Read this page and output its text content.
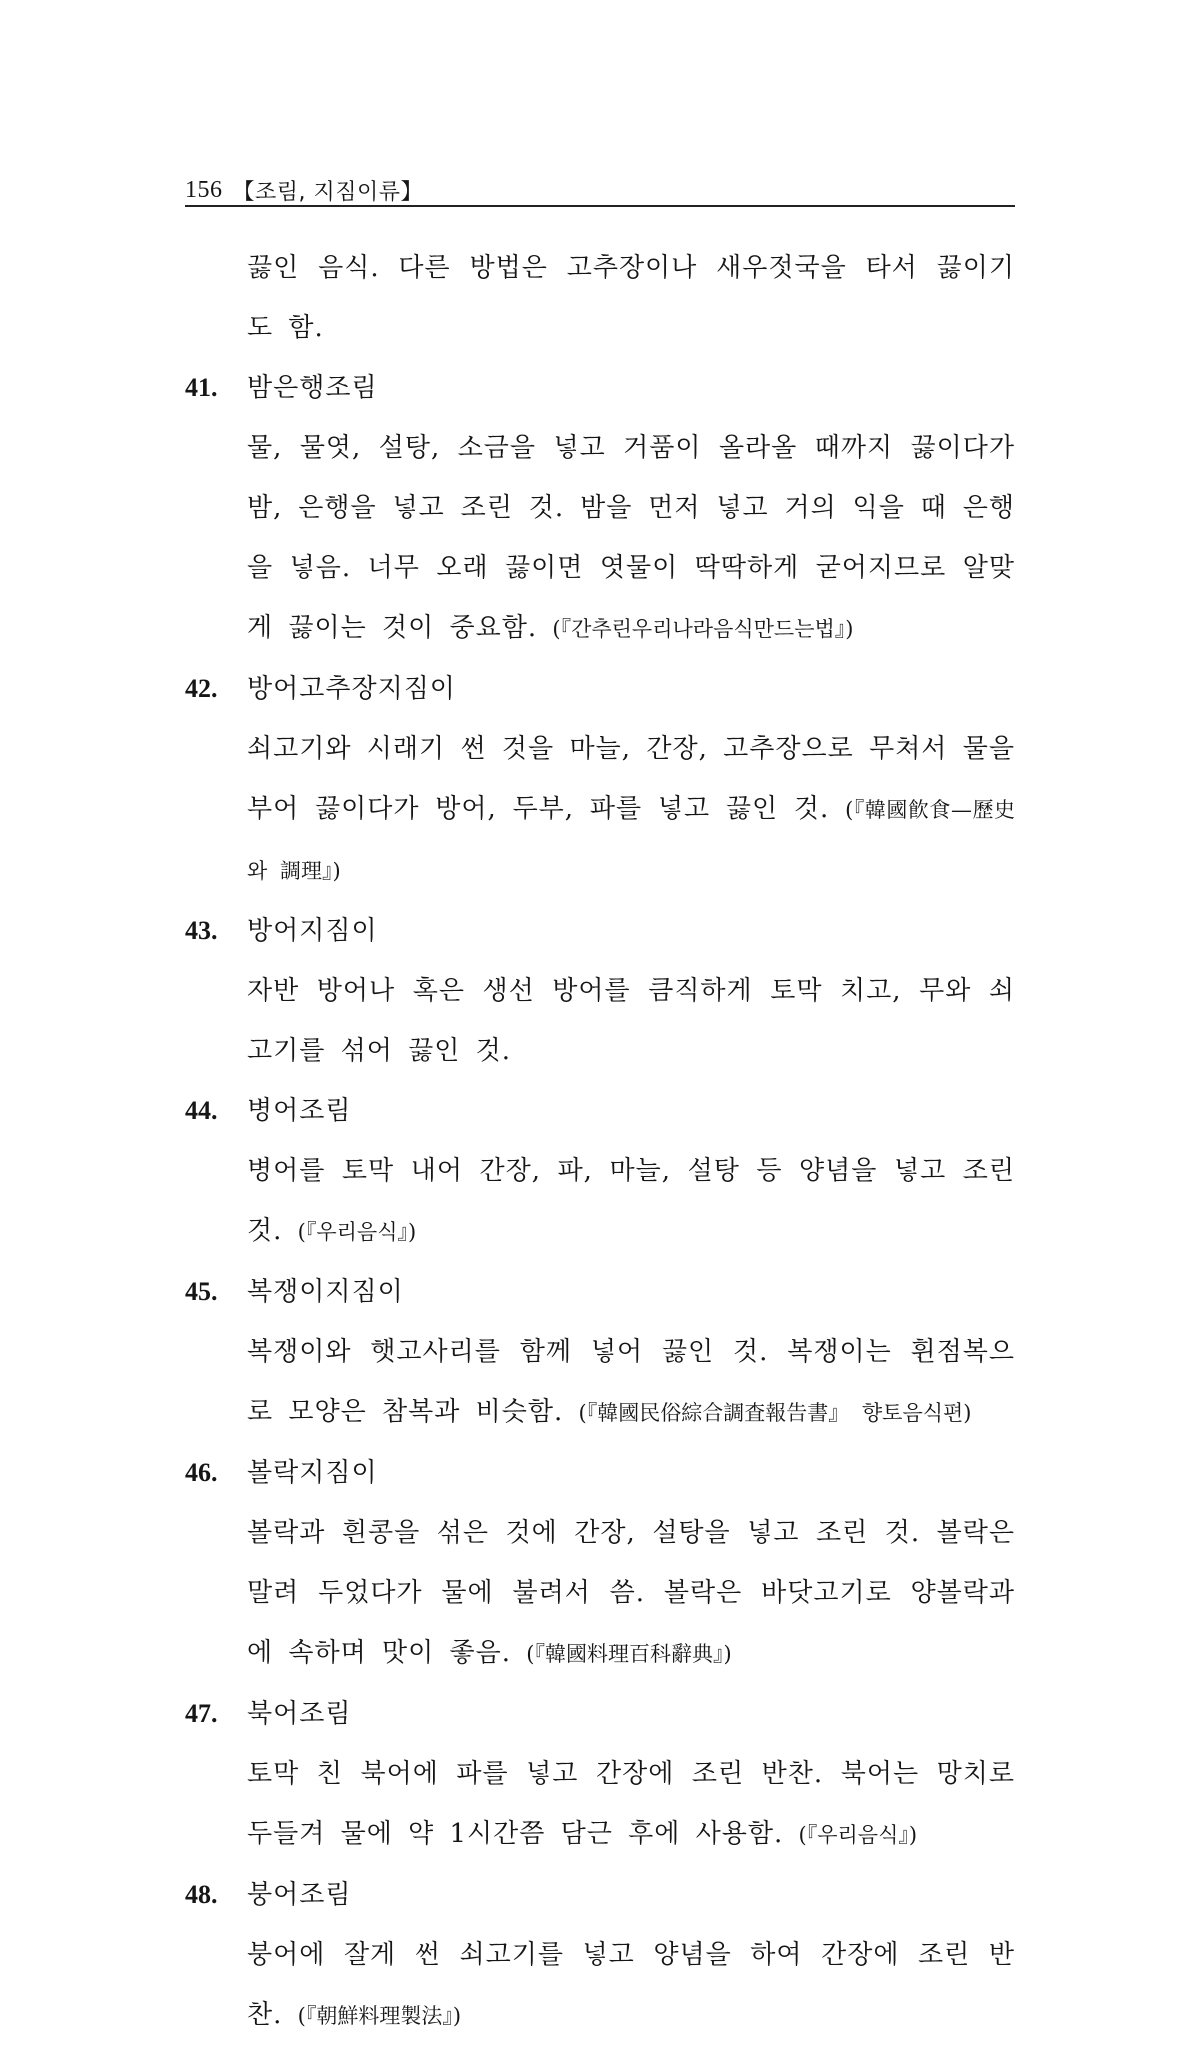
156 【조림, 지짐이류】

끓인 음식. 다른 방법은 고추장이나 새우젓국을 타서 끓이기도 함.

41.	밤은행조림

물, 물엿, 설탕, 소금을 넣고 거품이 올라올 때까지 끓이다가 밤, 은행을 넣고 조린 것. 밤을 먼저 넣고 거의 익을 때 은행을 넣음. 너무 오래 끓이면 엿물이 딱딱하게 굳어지므로 알맞게 끓이는 것이 중요함. (『간추린우리나라음식만드는법』)

42.	방어고추장지짐이

쇠고기와 시래기 썬 것을 마늘, 간장, 고추장으로 무쳐서 물을 부어 끓이다가 방어, 두부, 파를 넣고 끓인 것. (『韓國飮食—歷史와 調理』)

43.	방어지짐이

자반 방어나 혹은 생선 방어를 큼직하게 토막 치고, 무와 쇠고기를 섞어 끓인 것.

44.	병어조림

병어를 토막 내어 간장, 파, 마늘, 설탕 등 양념을 넣고 조린 것. (『우리음식』)

45.	복쟁이지짐이

복쟁이와 햇고사리를 함께 넣어 끓인 것. 복쟁이는 휜점복으로 모양은 참복과 비슷함. (『韓國民俗綜合調査報告書』 향토음식편)

46.	볼락지짐이

볼락과 흰콩을 섞은 것에 간장, 설탕을 넣고 조린 것. 볼락은 말려 두었다가 물에 불려서 씀. 볼락은 바닷고기로 양볼락과에 속하며 맛이 좋음. (『韓國料理百科辭典』)

47.	북어조림

토막 친 북어에 파를 넣고 간장에 조린 반찬. 북어는 망치로 두들겨 물에 약 1시간쯤 담근 후에 사용함. (『우리음식』)

48.	붕어조림

붕어에 잘게 썬 쇠고기를 넣고 양념을 하여 간장에 조린 반찬. (『朝鮮料理製法』)
